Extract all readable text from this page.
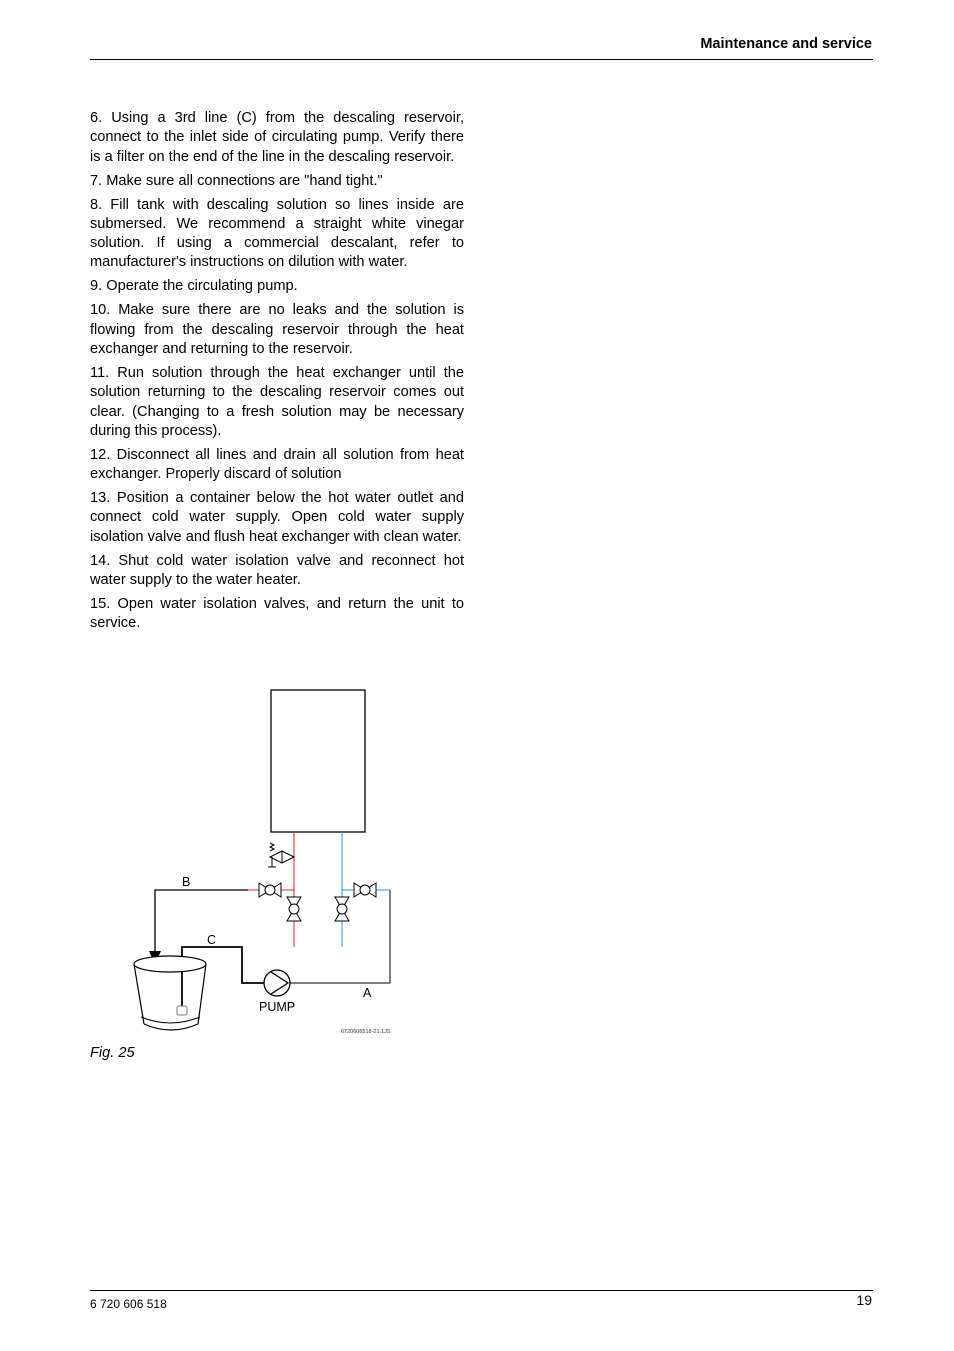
Maintenance and service

6. Using a 3rd line (C) from the descaling reservoir, connect to the inlet side of circulating pump. Verify there is a filter on the end of the line in the descaling reservoir.

7. Make sure all connections are "hand tight."

8. Fill tank with descaling solution so lines inside are submersed. We recommend a straight white vinegar solution. If using a commercial descalant, refer to manufacturer's instructions on dilution with water.

9. Operate the circulating pump.

10. Make sure there are no leaks and the solution is flowing from the descaling reservoir through the heat exchanger and returning to the reservoir.

11. Run solution through the heat exchanger until the solution returning to the descaling reservoir comes out clear. (Changing to a fresh solution may be necessary during this process).

12. Disconnect all lines and drain all solution from heat exchanger. Properly discard of solution

13. Position a container below the hot water outlet and connect cold water supply. Open cold water supply isolation valve and flush heat exchanger with clean water.

14. Shut cold water isolation valve and reconnect hot water supply to the water heater.

15. Open water isolation valves, and return the unit to service.

B
C
A
PUMP
6720606518-21.1JS
Fig. 25
6 720 606 518	19
